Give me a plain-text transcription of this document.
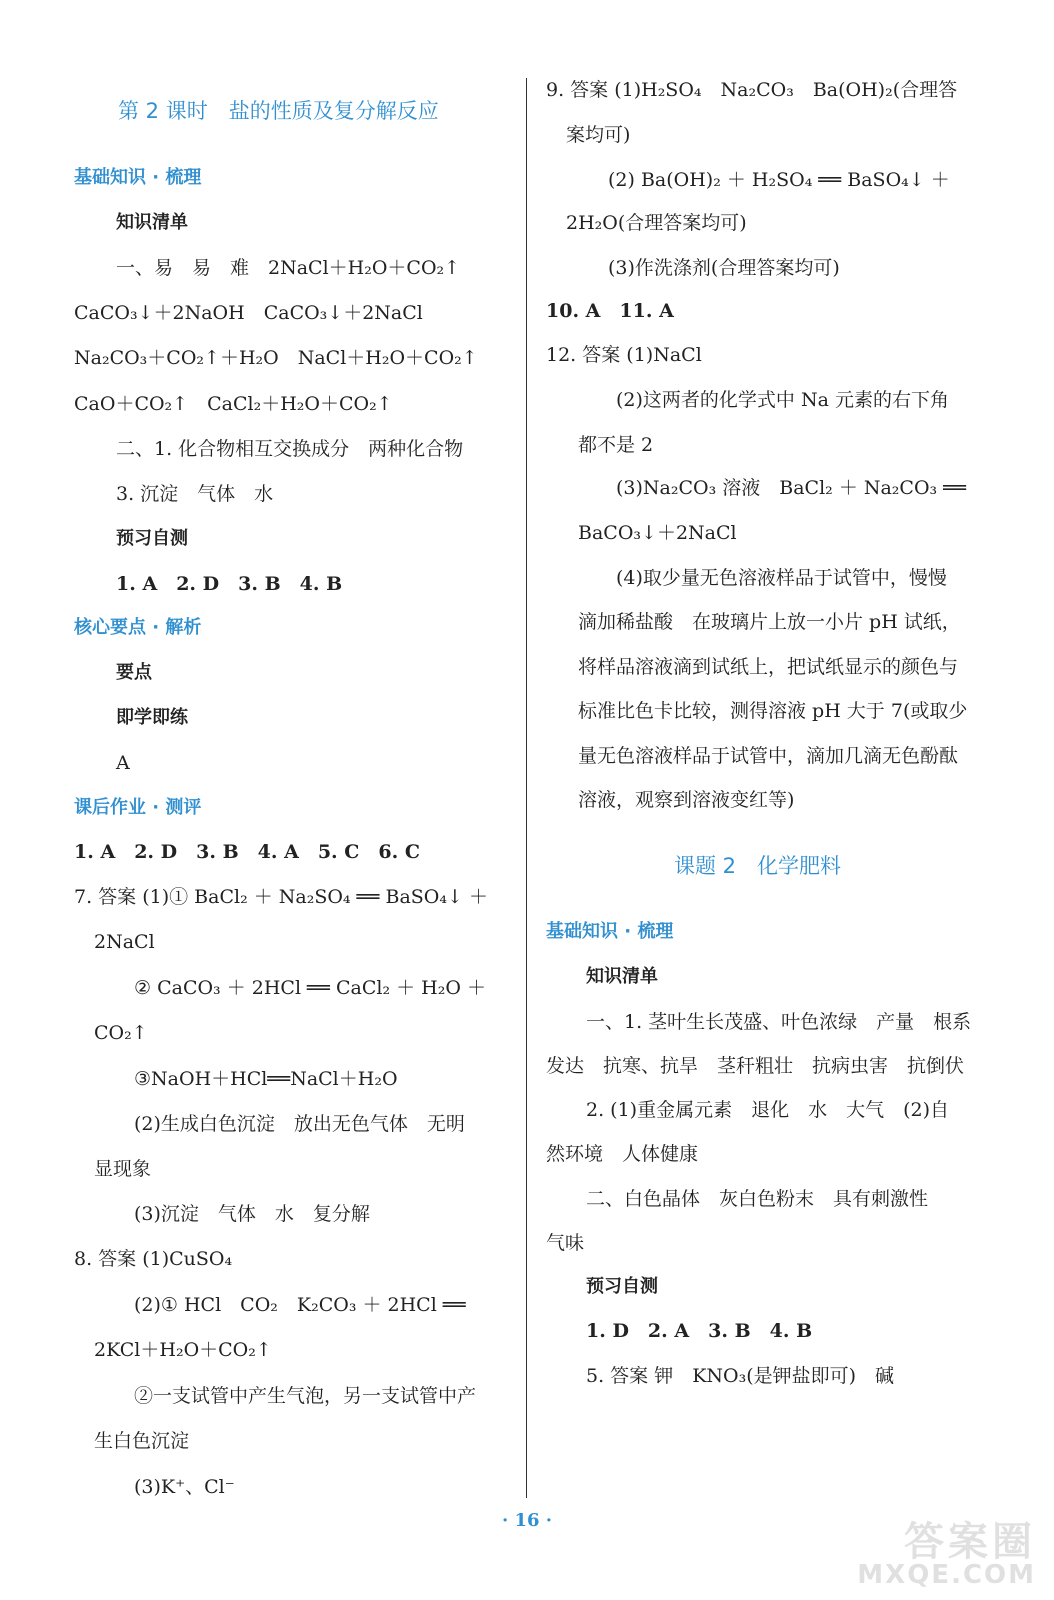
第 2 课时　盐的性质及复分解反应
基础知识 · 梳理
知识清单
一、易　易　难　2NaCl＋H₂O＋CO₂↑
CaCO₃↓＋2NaOH　CaCO₃↓＋2NaCl
Na₂CO₃＋CO₂↑＋H₂O　NaCl＋H₂O＋CO₂↑
CaO＋CO₂↑　CaCl₂＋H₂O＋CO₂↑
二、1. 化合物相互交换成分　两种化合物
3. 沉淀　气体　水
预习自测
1. A　2. D　3. B　4. B
核心要点 · 解析
要点
即学即练
A
课后作业 · 测评
1. A　2. D　3. B　4. A　5. C　6. C
7. 答案 (1)① BaCl₂ ＋ Na₂SO₄ ══ BaSO₄↓ ＋
2NaCl
② CaCO₃ ＋ 2HCl ══ CaCl₂ ＋ H₂O ＋
CO₂↑
③NaOH＋HCl══NaCl＋H₂O
(2)生成白色沉淀　放出无色气体　无明
显现象
(3)沉淀　气体　水　复分解
8. 答案 (1)CuSO₄
(2)① HCl　CO₂　K₂CO₃ ＋ 2HCl ══
2KCl＋H₂O＋CO₂↑
②一支试管中产生气泡，另一支试管中产
生白色沉淀
(3)K⁺、Cl⁻
9. 答案 (1)H₂SO₄　Na₂CO₃　Ba(OH)₂(合理答
案均可)
(2) Ba(OH)₂ ＋ H₂SO₄ ══ BaSO₄↓ ＋
2H₂O(合理答案均可)
(3)作洗涤剂(合理答案均可)
10. A　11. A
12. 答案 (1)NaCl
(2)这两者的化学式中 Na 元素的右下角
都不是 2
(3)Na₂CO₃ 溶液　BaCl₂ ＋ Na₂CO₃ ══
BaCO₃↓＋2NaCl
(4)取少量无色溶液样品于试管中，慢慢
滴加稀盐酸　在玻璃片上放一小片 pH 试纸，
将样品溶液滴到试纸上，把试纸显示的颜色与
标准比色卡比较，测得溶液 pH 大于 7(或取少
量无色溶液样品于试管中，滴加几滴无色酚酞
溶液，观察到溶液变红等)
课题 2　化学肥料
基础知识 · 梳理
知识清单
一、1. 茎叶生长茂盛、叶色浓绿　产量　根系
发达　抗寒、抗旱　茎秆粗壮　抗病虫害　抗倒伏
2. (1)重金属元素　退化　水　大气　(2)自
然环境　人体健康
二、白色晶体　灰白色粉末　具有刺激性
气味
预习自测
1. D　2. A　3. B　4. B
5. 答案 钾　KNO₃(是钾盐即可)　碱
· 16 ·	答案圈
MXQE.COM
